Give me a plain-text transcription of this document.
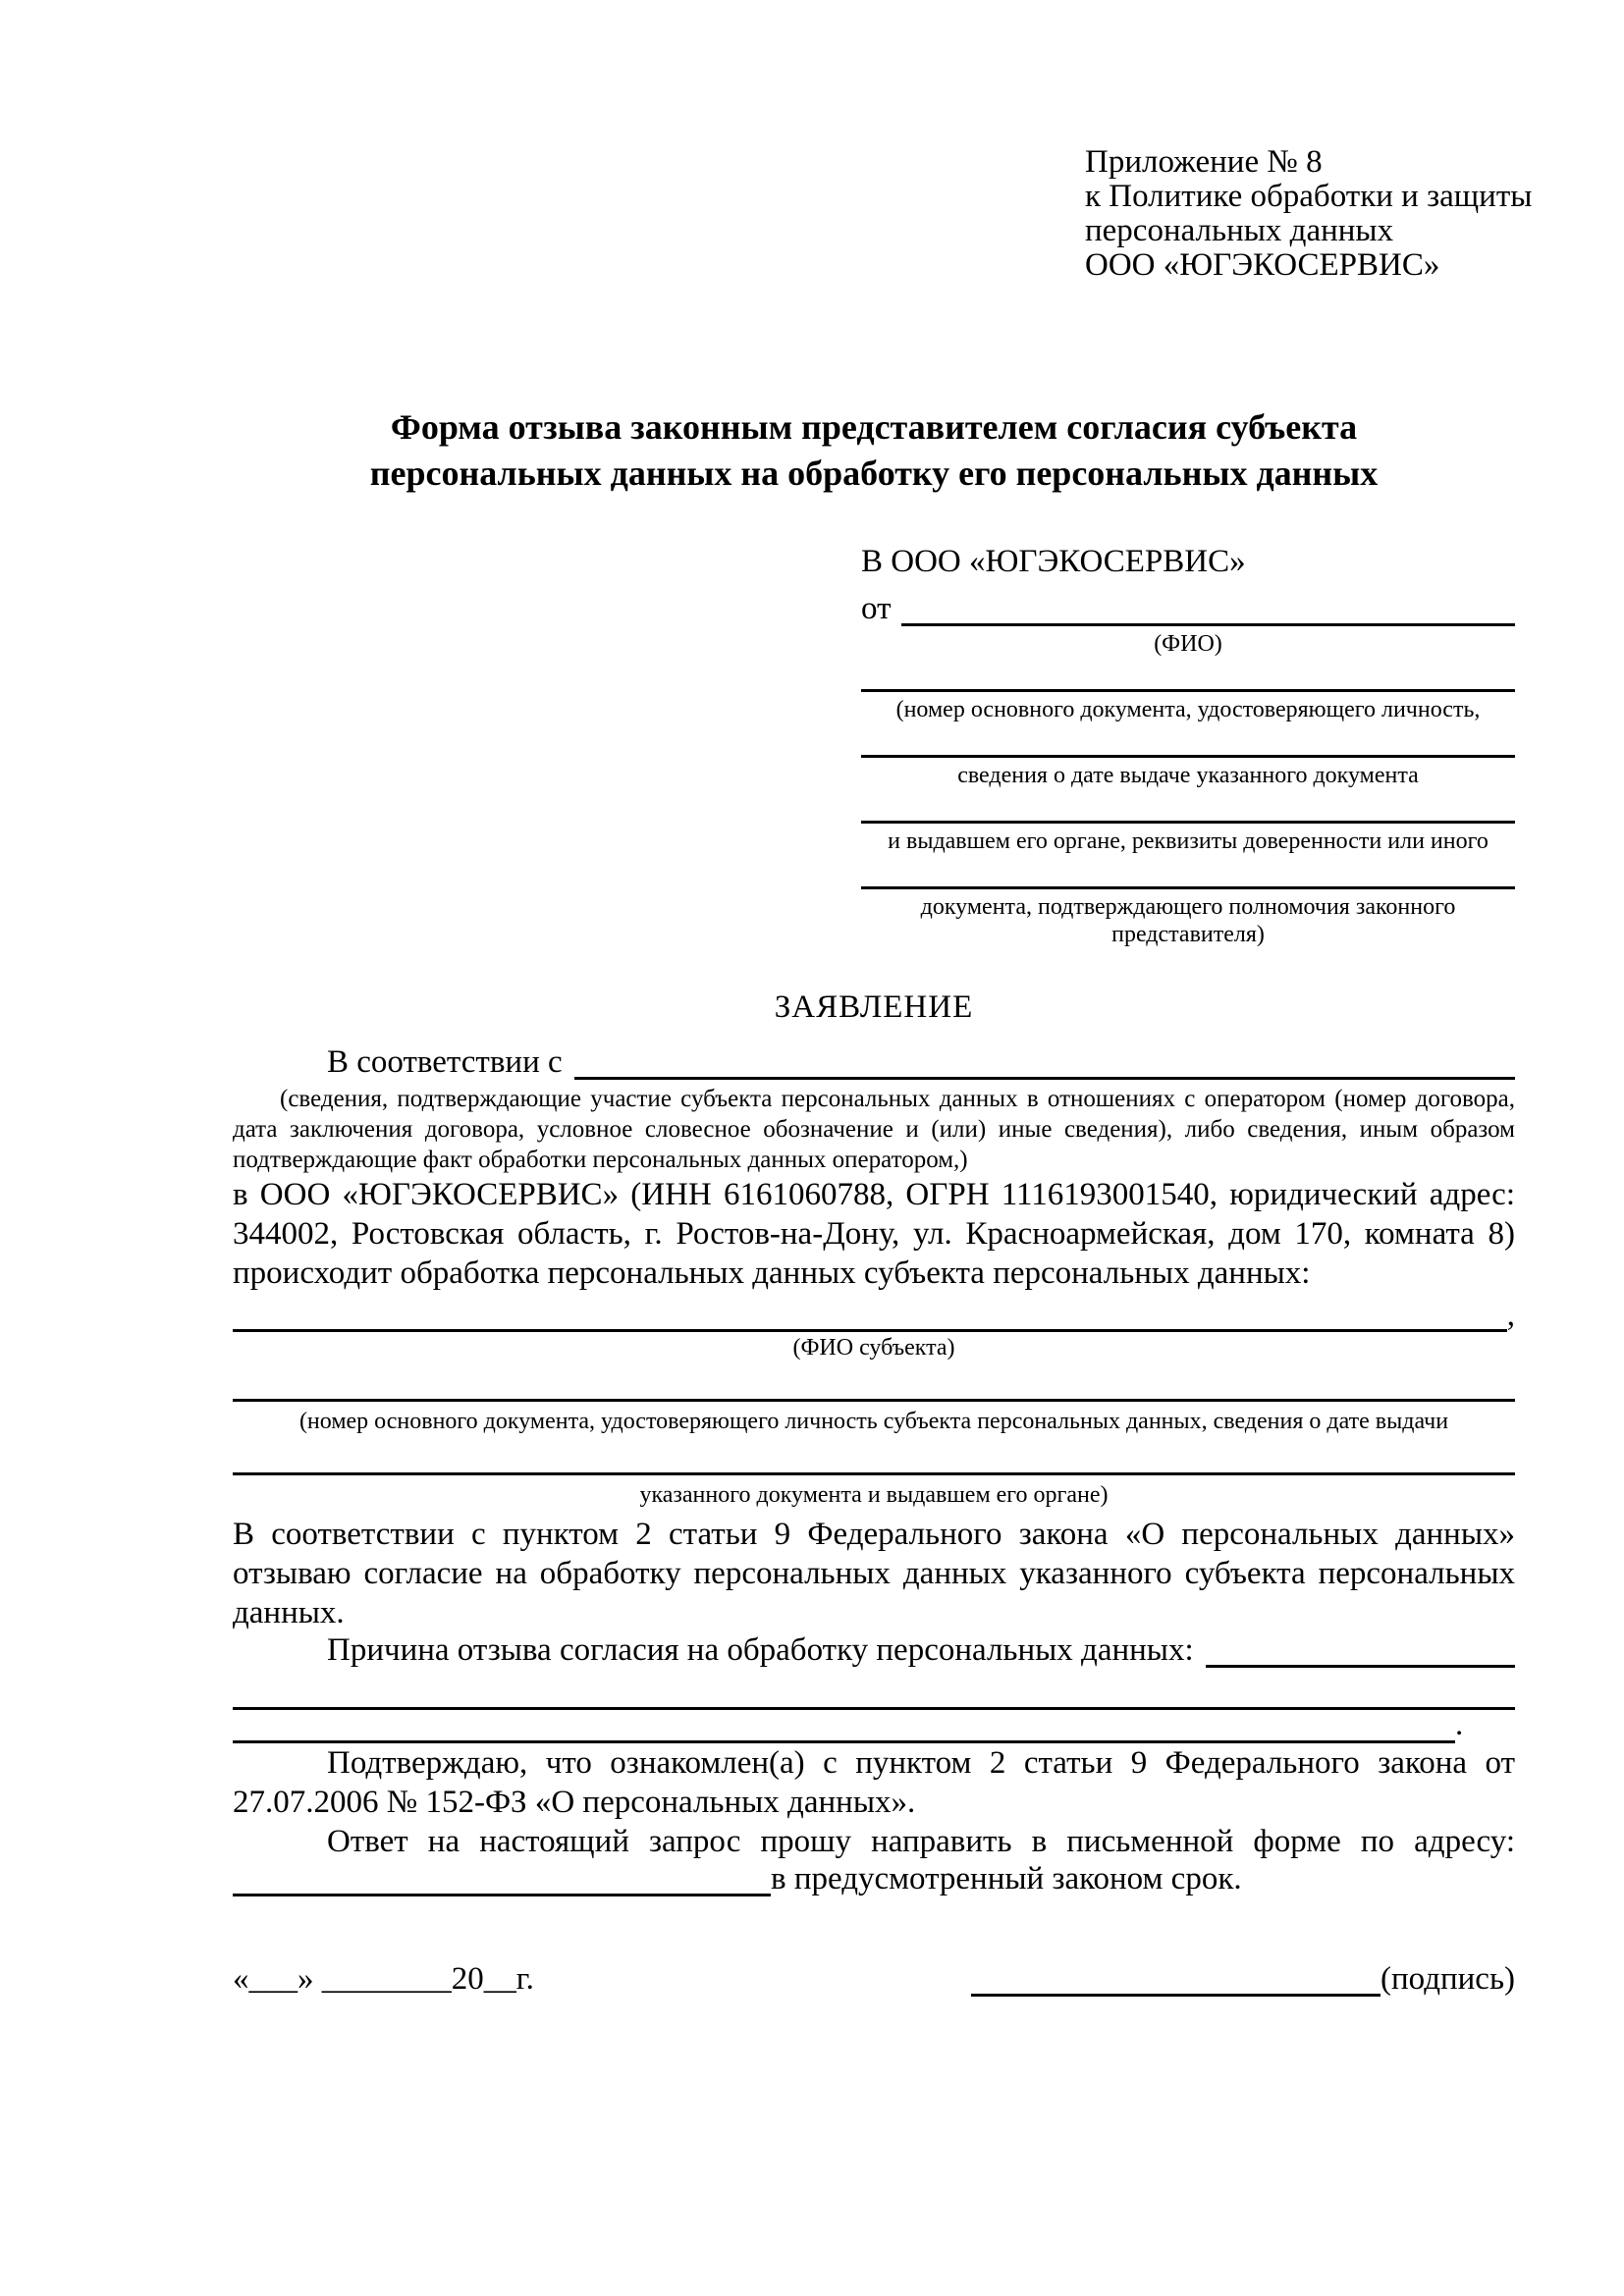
Приложение № 8
к Политике обработки и защиты
персональных данных
ООО «ЮГЭКОСЕРВИС»
Форма отзыва законным представителем согласия субъекта
персональных данных на обработку его персональных данных
В ООО «ЮГЭКОСЕРВИС»
от
(ФИО)
(номер основного документа, удостоверяющего личность,
сведения о дате выдаче указанного документа
и выдавшем его органе, реквизиты доверенности или иного
документа, подтверждающего полномочия законного представителя)
ЗАЯВЛЕНИЕ
В соответствии с
(сведения, подтверждающие участие субъекта персональных данных в отношениях с оператором (номер договора, дата заключения договора, условное словесное обозначение и (или) иные сведения), либо сведения, иным образом подтверждающие факт обработки персональных данных оператором,)
в ООО «ЮГЭКОСЕРВИС» (ИНН 6161060788, ОГРН 1116193001540, юридический адрес: 344002, Ростовская область, г. Ростов-на-Дону, ул. Красноармейская, дом 170, комната 8) происходит обработка персональных данных субъекта персональных данных:
,
(ФИО субъекта)
(номер основного документа, удостоверяющего личность субъекта персональных данных, сведения о дате выдачи
указанного документа и выдавшем его органе)
В соответствии с пунктом 2 статьи 9 Федерального закона «О персональных данных» отзываю согласие на обработку персональных данных указанного субъекта персональных данных.
Причина отзыва согласия на обработку персональных данных:
.
Подтверждаю, что ознакомлен(а) с пунктом 2 статьи 9 Федерального закона от 27.07.2006 № 152-ФЗ «О персональных данных».
Ответ на настоящий запрос прошу направить в письменной форме по адресу:
в предусмотренный законом срок.
«___» ________20__г.	(подпись)
